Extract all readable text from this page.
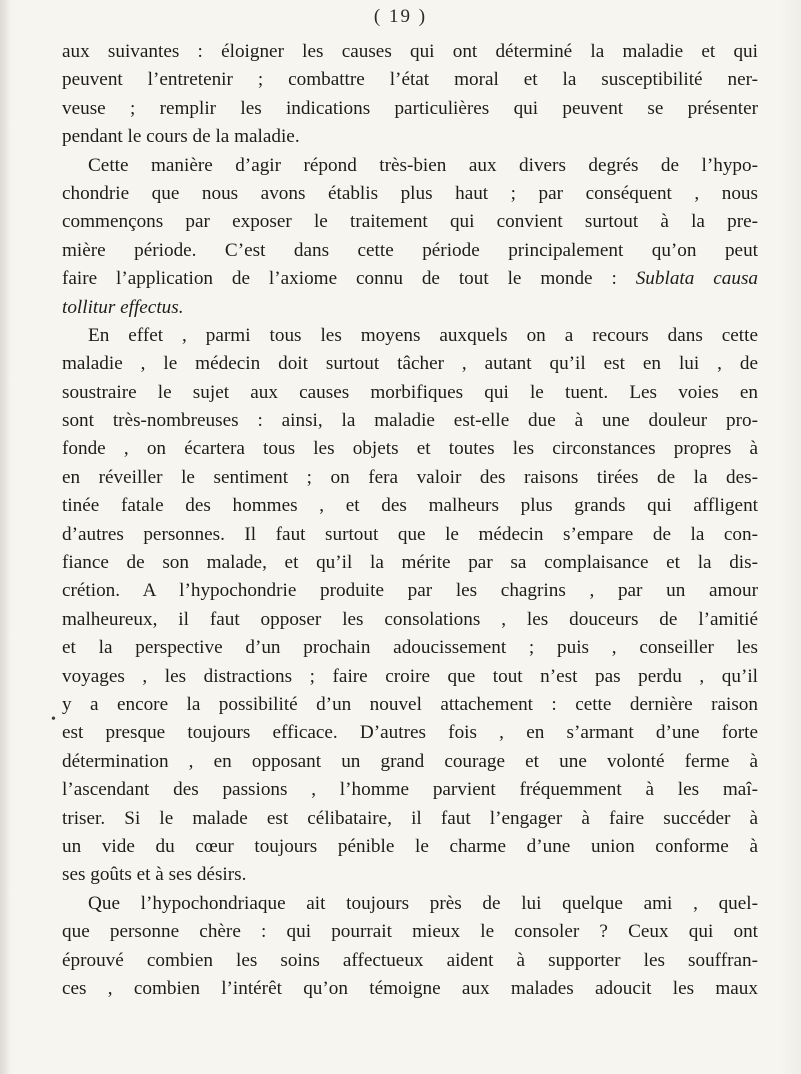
( 19 )
•
aux suivantes : éloigner les causes qui ont déterminé la maladie et qui
peuvent l’entretenir ; combattre l’état moral et la susceptibilité ner-
veuse ; remplir les indications particulières qui peuvent se présenter
pendant le cours de la maladie.
Cette manière d’agir répond très-bien aux divers degrés de l’hypo-
chondrie que nous avons établis plus haut ; par conséquent , nous
commençons par exposer le traitement qui convient surtout à la pre-
mière période. C’est dans cette période principalement qu’on peut
faire l’application de l’axiome connu de tout le monde : Sublata causa
tollitur effectus.
En effet , parmi tous les moyens auxquels on a recours dans cette
maladie , le médecin doit surtout tâcher , autant qu’il est en lui , de
soustraire le sujet aux causes morbifiques qui le tuent. Les voies en
sont très-nombreuses : ainsi, la maladie est-elle due à une douleur pro-
fonde , on écartera tous les objets et toutes les circonstances propres à
en réveiller le sentiment ; on fera valoir des raisons tirées de la des-
tinée fatale des hommes , et des malheurs plus grands qui affligent
d’autres personnes. Il faut surtout que le médecin s’empare de la con-
fiance de son malade, et qu’il la mérite par sa complaisance et la dis-
crétion. A l’hypochondrie produite par les chagrins , par un amour
malheureux, il faut opposer les consolations , les douceurs de l’amitié
et la perspective d’un prochain adoucissement ; puis , conseiller les
voyages , les distractions ; faire croire que tout n’est pas perdu , qu’il
y a encore la possibilité d’un nouvel attachement : cette dernière raison
est presque toujours efficace. D’autres fois , en s’armant d’une forte
détermination , en opposant un grand courage et une volonté ferme à
l’ascendant des passions , l’homme parvient fréquemment à les maî-
triser. Si le malade est célibataire, il faut l’engager à faire succéder à
un vide du cœur toujours pénible le charme d’une union conforme à
ses goûts et à ses désirs.
Que l’hypochondriaque ait toujours près de lui quelque ami , quel-
que personne chère : qui pourrait mieux le consoler ? Ceux qui ont
éprouvé combien les soins affectueux aident à supporter les souffran-
ces , combien l’intérêt qu’on témoigne aux malades adoucit les maux
